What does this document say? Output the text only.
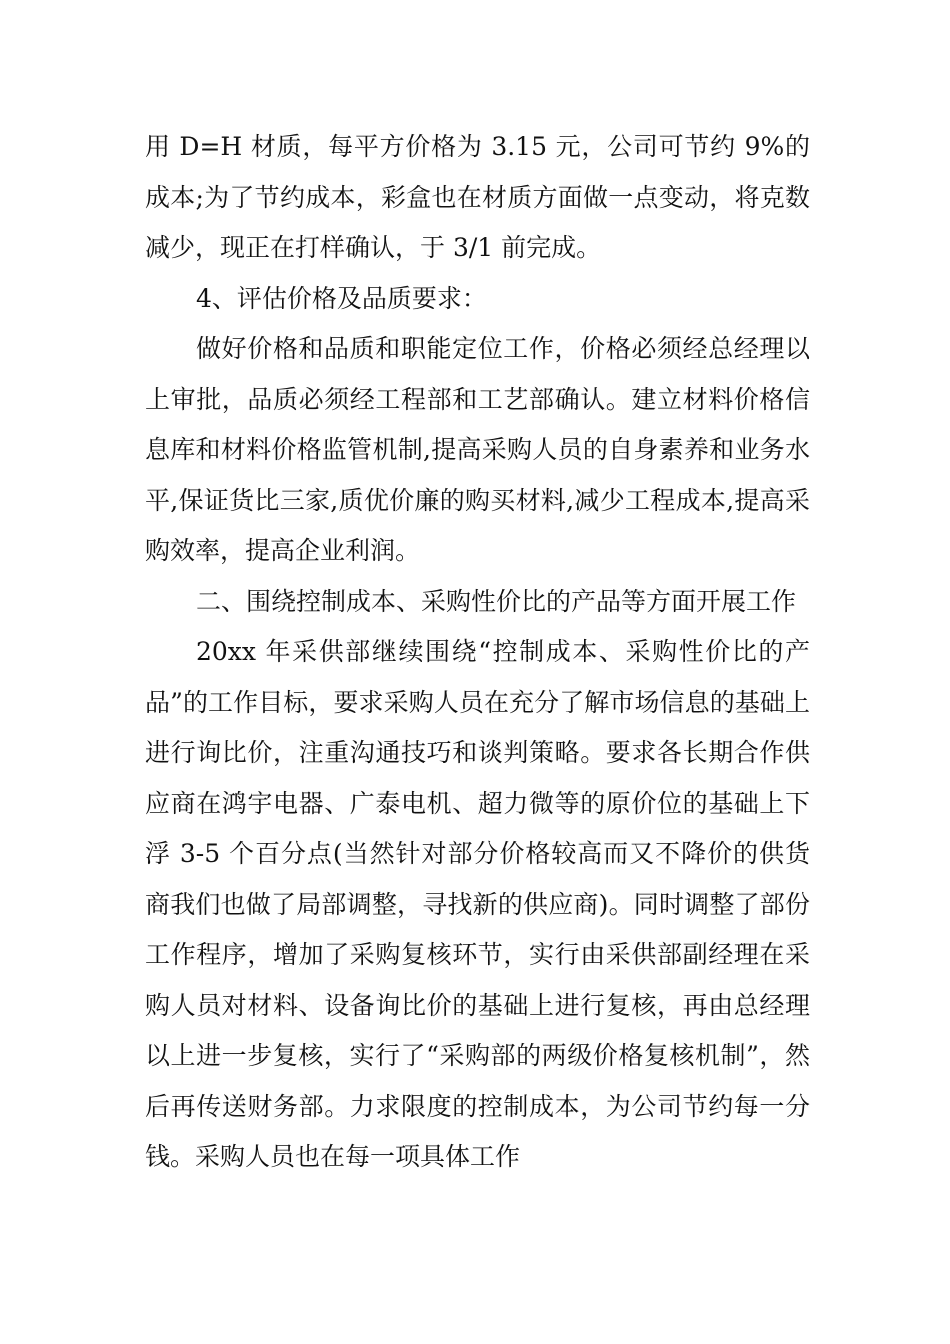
用 D=H 材质，每平方价格为 3.15 元，公司可节约 9%的成本;为了节约成本，彩盒也在材质方面做一点变动，将克数减少，现正在打样确认，于 3/1 前完成。

4、评估价格及品质要求：

做好价格和品质和职能定位工作，价格必须经总经理以上审批，品质必须经工程部和工艺部确认。建立材料价格信息库和材料价格监管机制,提高采购人员的自身素养和业务水平,保证货比三家,质优价廉的购买材料,减少工程成本,提高采购效率，提高企业利润。

二、围绕控制成本、采购性价比的产品等方面开展工作

20xx 年采供部继续围绕“控制成本、采购性价比的产品”的工作目标，要求采购人员在充分了解市场信息的基础上进行询比价，注重沟通技巧和谈判策略。要求各长期合作供应商在鸿宇电器、广泰电机、超力微等的原价位的基础上下浮 3-5 个百分点(当然针对部分价格较高而又不降价的供货商我们也做了局部调整，寻找新的供应商)。同时调整了部份工作程序，增加了采购复核环节，实行由采供部副经理在采购人员对材料、设备询比价的基础上进行复核，再由总经理以上进一步复核，实行了“采购部的两级价格复核机制”，然后再传送财务部。力求限度的控制成本，为公司节约每一分钱。采购人员也在每一项具体工作
